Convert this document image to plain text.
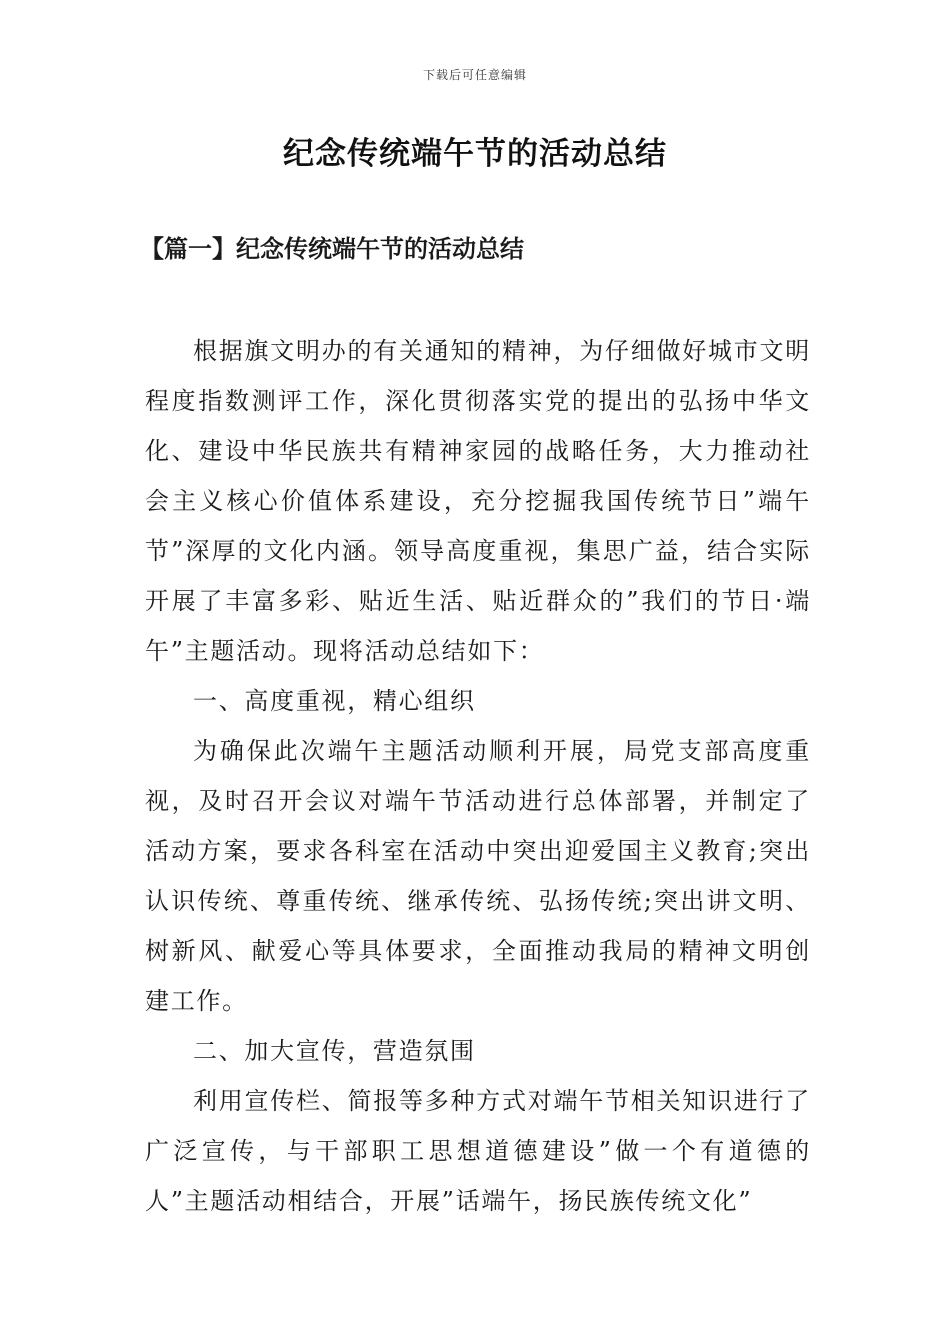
下载后可任意编辑
纪念传统端午节的活动总结
【篇一】纪念传统端午节的活动总结

根据旗文明办的有关通知的精神，为仔细做好城市文明程度指数测评工作，深化贯彻落实党的提出的弘扬中华文化、建设中华民族共有精神家园的战略任务，大力推动社会主义核心价值体系建设，充分挖掘我国传统节日”端午节”深厚的文化内涵。领导高度重视，集思广益，结合实际开展了丰富多彩、贴近生活、贴近群众的”我们的节日·端午”主题活动。现将活动总结如下：

一、高度重视，精心组织

为确保此次端午主题活动顺利开展，局党支部高度重视，及时召开会议对端午节活动进行总体部署，并制定了活动方案，要求各科室在活动中突出迎爱国主义教育;突出认识传统、尊重传统、继承传统、弘扬传统;突出讲文明、树新风、献爱心等具体要求，全面推动我局的精神文明创建工作。

二、加大宣传，营造氛围

利用宣传栏、简报等多种方式对端午节相关知识进行了广泛宣传，与干部职工思想道德建设”做一个有道德的人”主题活动相结合，开展”话端午，扬民族传统文化”
